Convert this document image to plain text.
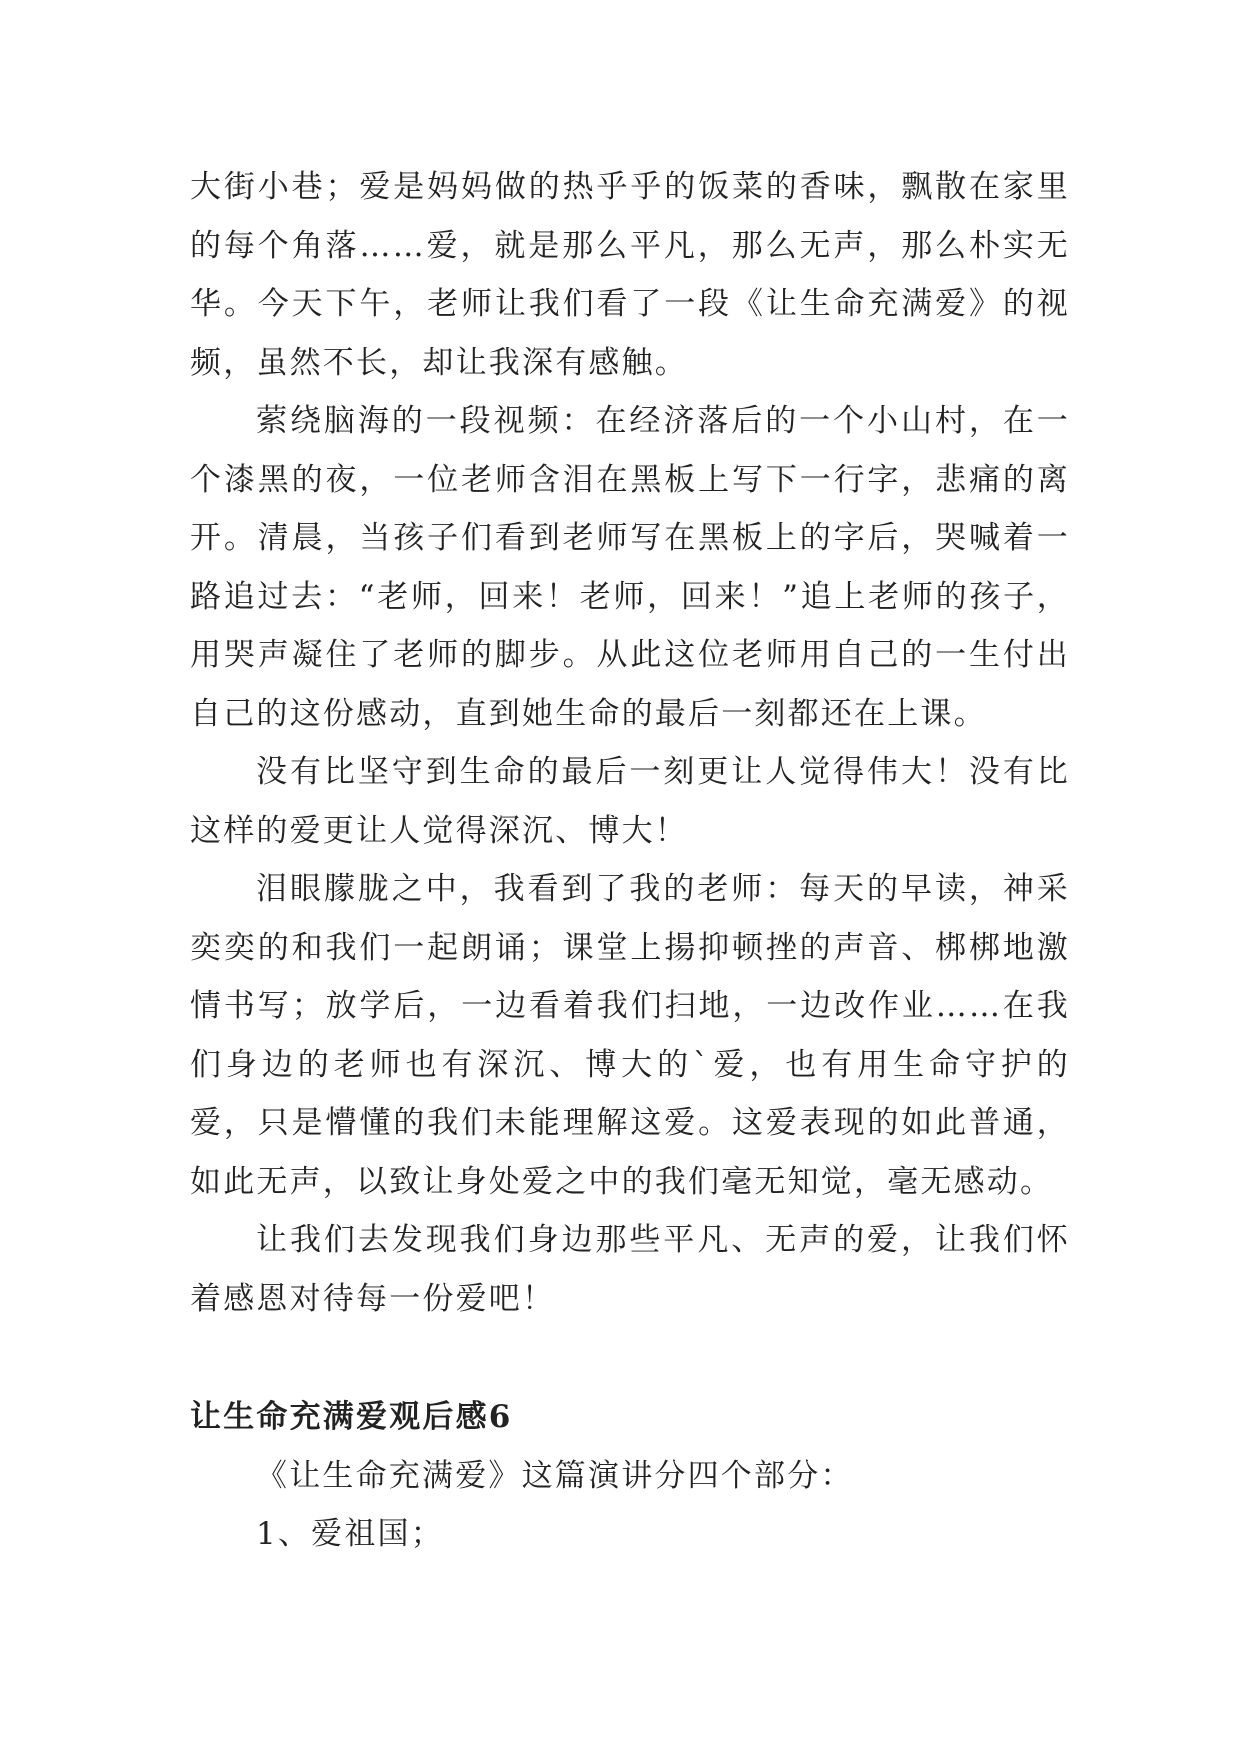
大街小巷；爱是妈妈做的热乎乎的饭菜的香味，飘散在家里的每个角落……爱，就是那么平凡，那么无声，那么朴实无华。今天下午，老师让我们看了一段《让生命充满爱》的视频，虽然不长，却让我深有感触。

萦绕脑海的一段视频：在经济落后的一个小山村，在一个漆黑的夜，一位老师含泪在黑板上写下一行字，悲痛的离开。清晨，当孩子们看到老师写在黑板上的字后，哭喊着一路追过去：“老师，回来！老师，回来！”追上老师的孩子，用哭声凝住了老师的脚步。从此这位老师用自己的一生付出自己的这份感动，直到她生命的最后一刻都还在上课。

没有比坚守到生命的最后一刻更让人觉得伟大！没有比这样的爱更让人觉得深沉、博大！

泪眼朦胧之中，我看到了我的老师：每天的早读，神采奕奕的和我们一起朗诵；课堂上揚抑顿挫的声音、梆梆地激情书写；放学后，一边看着我们扫地，一边改作业……在我们身边的老师也有深沉、博大的`爱，也有用生命守护的爱，只是懵懂的我们未能理解这爱。这爱表现的如此普通，如此无声，以致让身处爱之中的我们毫无知觉，毫无感动。

让我们去发现我们身边那些平凡、无声的爱，让我们怀着感恩对待每一份爱吧！

让生命充满爱观后感6

《让生命充满爱》这篇演讲分四个部分：

1、爱祖国；
